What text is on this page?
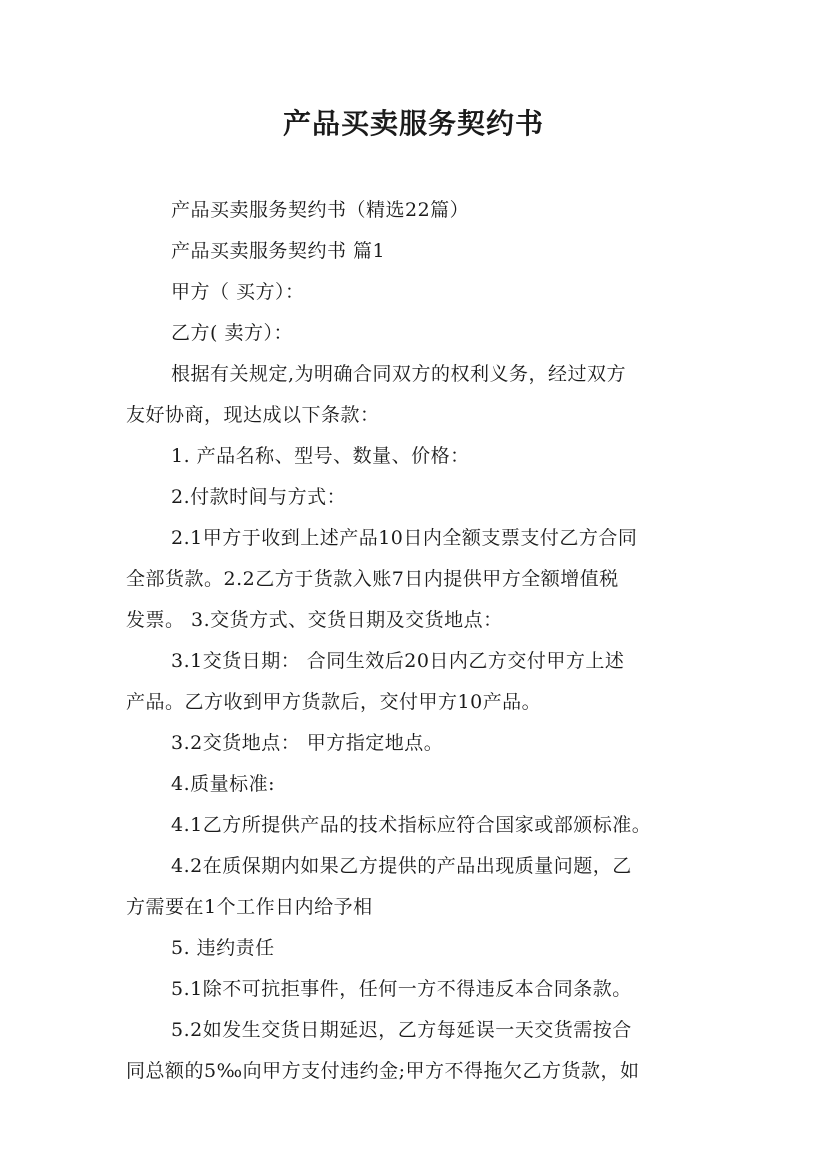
产品买卖服务契约书
产品买卖服务契约书（精选22篇）
产品买卖服务契约书 篇1
甲方（ 买方）：
乙方( 卖方）：
根据有关规定,为明确合同双方的权利义务，经过双方
友好协商，现达成以下条款：
1. 产品名称、型号、数量、价格：
2.付款时间与方式：
2.1甲方于收到上述产品10日内全额支票支付乙方合同
全部货款。2.2乙方于货款入账7日内提供甲方全额增值税
发票。 3.交货方式、交货日期及交货地点：
3.1交货日期： 合同生效后20日内乙方交付甲方上述
产品。乙方收到甲方货款后，交付甲方10产品。
3.2交货地点： 甲方指定地点。
4.质量标准:
4.1乙方所提供产品的技术指标应符合国家或部颁标准。
4.2在质保期内如果乙方提供的产品出现质量问题，乙
方需要在1个工作日内给予相
5. 违约责任
5.1除不可抗拒事件，任何一方不得违反本合同条款。
5.2如发生交货日期延迟，乙方每延误一天交货需按合
同总额的5‰向甲方支付违约金;甲方不得拖欠乙方货款，如
